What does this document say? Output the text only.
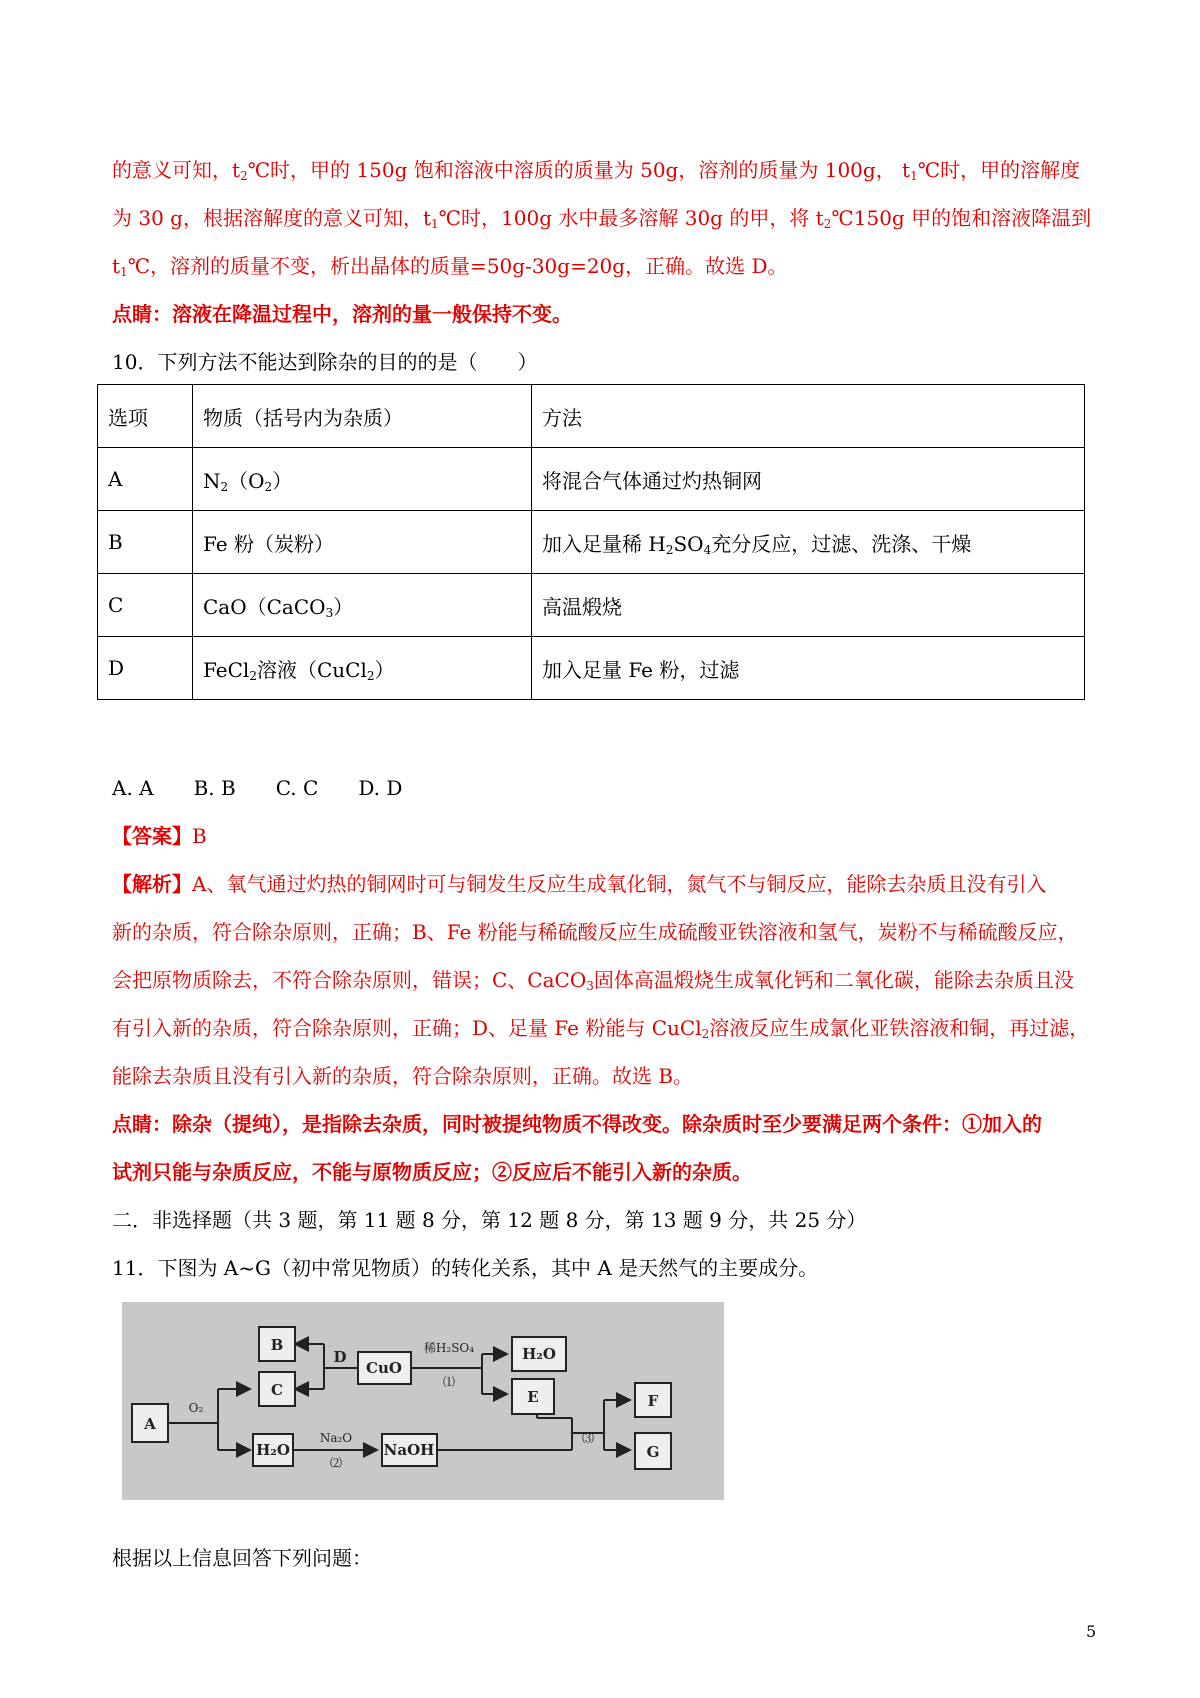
的意义可知，$t_2℃$时，甲的 150g 饱和溶液中溶质的质量为 50g，溶剂的质量为 100g， $t_1℃$时，甲的溶解度
为 30 g，根据溶解度的意义可知，$t_1℃$时，100g 水中最多溶解 30g 的甲，将 $t_2℃150g$ 甲的饱和溶液降温到
$t_1℃$，溶剂的质量不变，析出晶体的质量=50g-30g=20g，正确。故选 D。
点睛：溶液在降温过程中，溶剂的量一般保持不变。
10．下列方法不能达到除杂的目的的是（　　）
选项	物质（括号内为杂质）	方法
A	$N_2(O_2)$	将混合气体通过灼热铜网
B	Fe 粉（炭粉）	加入足量稀 $H_2SO_4$充分反应，过滤、洗涤、干燥
C	CaO（CaCO$_3$）	高温煅烧
D	FeCl$_2$溶液（CuCl$_2$）	加入足量 Fe 粉，过滤
A. A　　B. B　　C. C　　D. D
【答案】B
【解析】A、氧气通过灼热的铜网时可与铜发生反应生成氧化铜，氮气不与铜反应，能除去杂质且没有引入
新的杂质，符合除杂原则，正确；B、Fe 粉能与稀硫酸反应生成硫酸亚铁溶液和氢气，炭粉不与稀硫酸反应，
会把原物质除去，不符合除杂原则，错误；C、CaCO$_3$固体高温煅烧生成氧化钙和二氧化碳，能除去杂质且没
有引入新的杂质，符合除杂原则，正确；D、足量 Fe 粉能与 CuCl$_2$溶液反应生成氯化亚铁溶液和铜，再过滤，
能除去杂质且没有引入新的杂质，符合除杂原则，正确。故选 B。
点睛：除杂（提纯），是指除去杂质，同时被提纯物质不得改变。除杂质时至少要满足两个条件：①加入的
试剂只能与杂质反应，不能与原物质反应；②反应后不能引入新的杂质。
二．非选择题（共 3 题，第 11 题 8 分，第 12 题 8 分，第 13 题 9 分，共 25 分）
11．下图为 A~G（初中常见物质）的转化关系，其中 A 是天然气的主要成分。
A
B
C
D
CuO
稀H₂SO₄
⑴
H₂O
E	F
G
O₂
H₂O
Na₂O
⑵
NaOH
⑶
根据以上信息回答下列问题：
5
